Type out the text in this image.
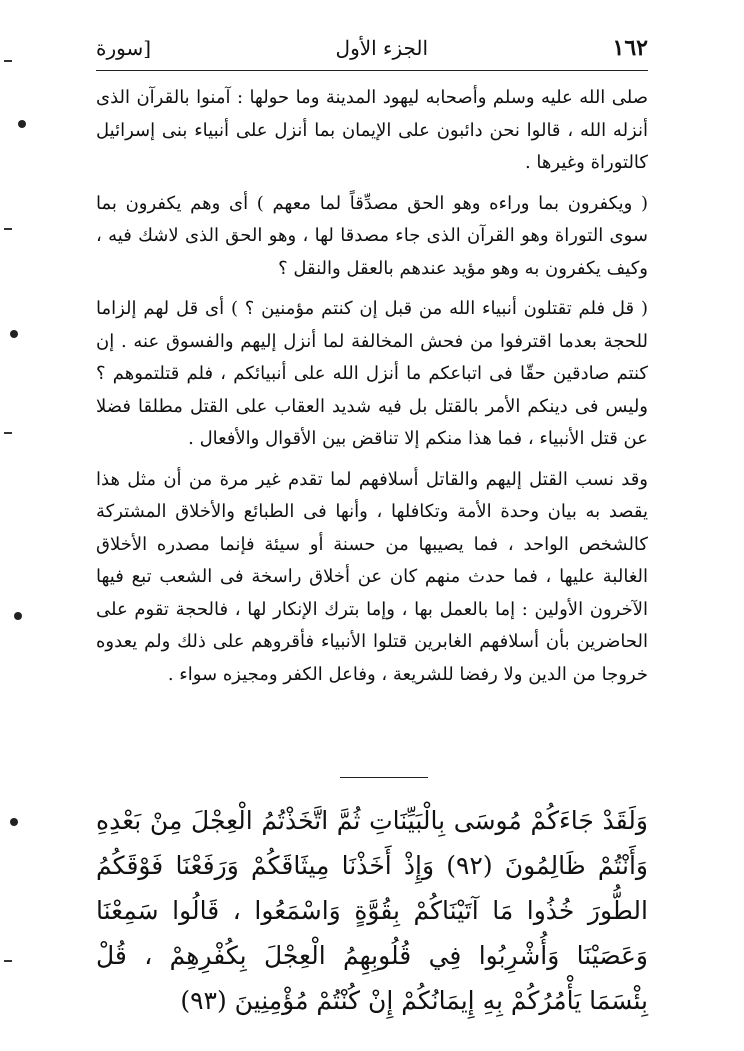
١٦٢
الجزء الأول
[سورة

صلى الله عليه وسلم وأصحابه ليهود المدينة وما حولها : آمنوا بالقرآن الذى أنزله الله ، قالوا نحن دائبون على الإيمان بما أنزل على أنبياء بنى إسرائيل كالتوراة وغيرها .

( ويكفرون بما وراءه وهو الحق مصدِّقاً لما معهم ) أى وهم يكفرون بما سوى التوراة وهو القرآن الذى جاء مصدقا لها ، وهو الحق الذى لاشك فيه ، وكيف يكفرون به وهو مؤيد عندهم بالعقل والنقل ؟

( قل فلم تقتلون أنبياء الله من قبل إن كنتم مؤمنين ؟ ) أى قل لهم إلزاما للحجة بعدما اقترفوا من فحش المخالفة لما أنزل إليهم والفسوق عنه . إن كنتم صادقين حقّا فى اتباعكم ما أنزل الله على أنبيائكم ، فلم قتلتموهم ؟ وليس فى دينكم الأمر بالقتل بل فيه شديد العقاب على القتل مطلقا فضلا عن قتل الأنبياء ، فما هذا منكم إلا تناقض بين الأقوال والأفعال .

وقد نسب القتل إليهم والقاتل أسلافهم لما تقدم غير مرة من أن مثل هذا يقصد به بيان وحدة الأمة وتكافلها ، وأنها فى الطبائع والأخلاق المشتركة كالشخص الواحد ، فما يصيبها من حسنة أو سيئة فإنما مصدره الأخلاق الغالبة عليها ، فما حدث منهم كان عن أخلاق راسخة فى الشعب تبع فيها الآخرون الأولين : إما بالعمل بها ، وإما بترك الإنكار لها ، فالحجة تقوم على الحاضرين بأن أسلافهم الغابرين قتلوا الأنبياء فأقروهم على ذلك ولم يعدوه خروجا من الدين ولا رفضا للشريعة ، وفاعل الكفر ومجيزه سواء .

وَلَقَدْ جَاءَكُمْ مُوسَى بِالْبَيِّنَاتِ ثُمَّ اتَّخَذْتُمُ الْعِجْلَ مِنْ بَعْدِهِ وَأَنْتُمْ ظَالِمُونَ (٩٢) وَإِذْ أَخَذْنَا مِيثَاقَكُمْ وَرَفَعْنَا فَوْقَكُمُ الطُّورَ خُذُوا مَا آتَيْنَاكُمْ بِقُوَّةٍ وَاسْمَعُوا ، قَالُوا سَمِعْنَا وَعَصَيْنَا وَأُشْرِبُوا فِي قُلُوبِهِمُ الْعِجْلَ بِكُفْرِهِمْ ، قُلْ بِئْسَمَا يَأْمُرُكُمْ بِهِ إِيمَانُكُمْ إِنْ كُنْتُمْ مُؤْمِنِينَ (٩٣)
